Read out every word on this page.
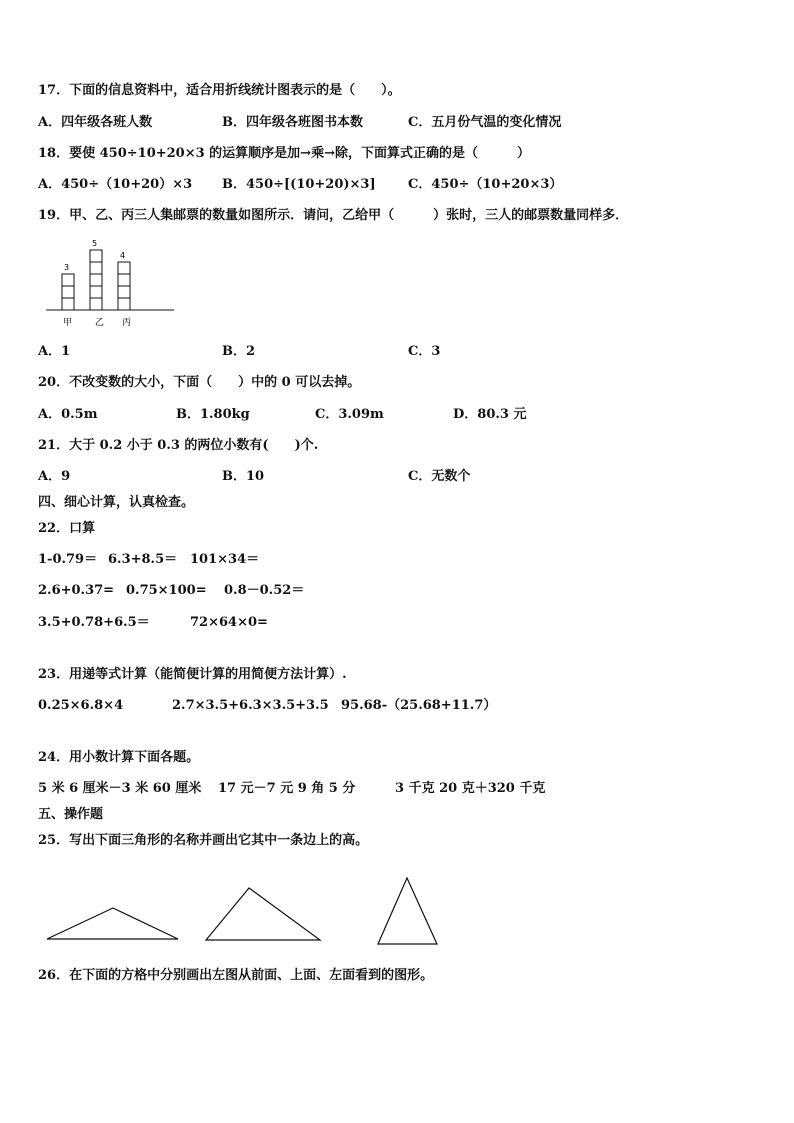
17．下面的信息资料中，适合用折线统计图表示的是（　　）。
A．四年级各班人数	B．四年级各班图书本数	C．五月份气温的变化情况
18．要使 450÷10+20×3 的运算顺序是加→乘→除，下面算式正确的是（　　　）
A．450÷（10+20）×3 B．450÷[(10+20)×3] C．450÷（10+20×3）
19．甲、乙、丙三人集邮票的数量如图所示．请问，乙给甲（　　　）张时，三人的邮票数量同样多．
3
5
4
甲	乙 丙
A．1	B．2	C．3
20．不改变数的大小，下面（　　）中的 0 可以去掉。
A．0.5m	B．1.80kg	C．3.09m	D．80.3 元
21．大于 0.2 小于 0.3 的两位小数有(　　)个.
A．9	B．10	C．无数个
四、细心计算，认真检查。
22．口算
1-0.79＝ 6.3+8.5＝ 101×34＝
2.6+0.37= 0.75×100= 0.8－0.52＝
3.5+0.78+6.5＝	72×64×0=
23．用递等式计算（能简便计算的用简便方法计算）.
0.25×6.8×4	2.7×3.5+6.3×3.5+3.5 95.68-（25.68+11.7）
24．用小数计算下面各题。
5 米 6 厘米－3 米 60 厘米 17 元－7 元 9 角 5 分	3 千克 20 克＋320 千克
五、操作题
25．写出下面三角形的名称并画出它其中一条边上的高。
26．在下面的方格中分别画出左图从前面、上面、左面看到的图形。
